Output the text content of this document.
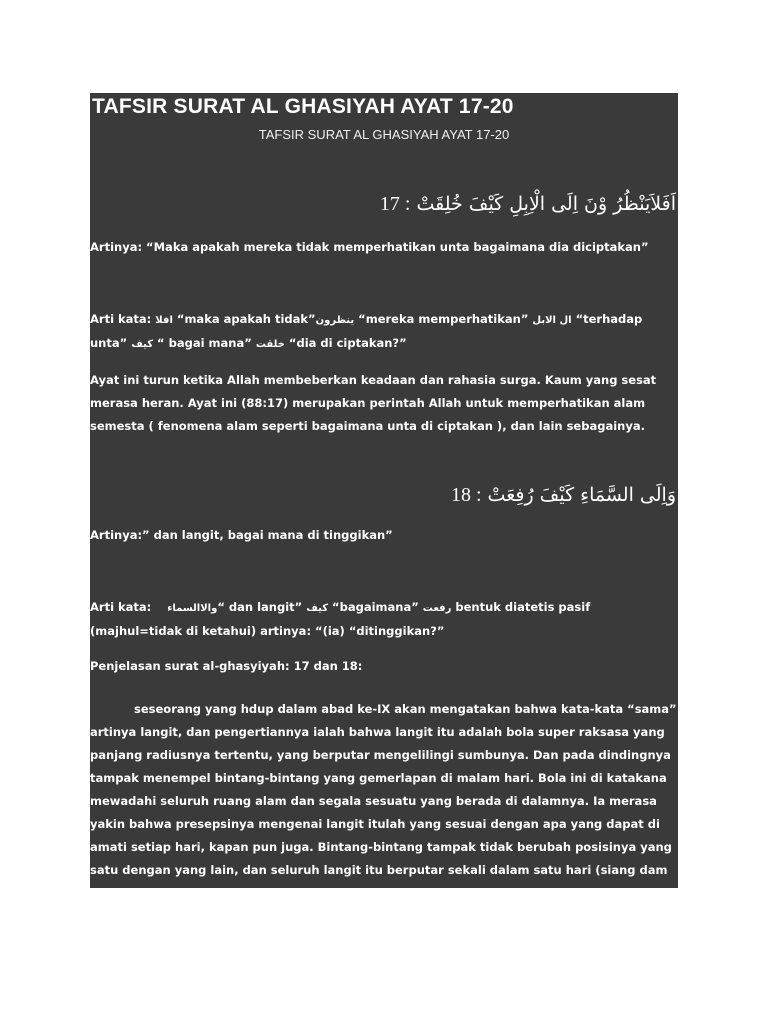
TAFSIR SURAT AL GHASIYAH AYAT 17-20
TAFSIR SURAT AL GHASIYAH AYAT 17-20
اَفَلاَيَنْظُرُ وْنَ اِلَى الْاِبِلِ كَيْفَ خُلِقَتْ : 17

Artinya: “Maka apakah mereka tidak memperhatikan unta bagaimana dia diciptakan”

Arti kata: افلا “maka apakah tidak”ينظرون “mereka memperhatikan” ال الابل “terhadap unta” كيف “ bagai mana” خلقت “dia di ciptakan?”

Ayat ini turun ketika Allah membeberkan keadaan dan rahasia surga. Kaum yang sesat merasa heran. Ayat ini (88:17) merupakan perintah Allah untuk memperhatikan alam semesta ( fenomena alam seperti bagaimana unta di ciptakan ), dan lain sebagainya.

وَاِلَى السَّمَاءِ كَيْفَ رُفِعَتْ : 18

Artinya:” dan langit, bagai mana di tinggikan”

Arti kata: والاالسماء“ dan langit” كيف “bagaimana” رفعت bentuk diatetis pasif (majhul=tidak di ketahui) artinya: “(ia) “ditinggikan?”

Penjelasan surat al-ghasyiyah: 17 dan 18:

seseorang yang hdup dalam abad ke-IX akan mengatakan bahwa kata-kata “sama” artinya langit, dan pengertiannya ialah bahwa langit itu adalah bola super raksasa yang panjang radiusnya tertentu, yang berputar mengelilingi sumbunya. Dan pada dindingnya tampak menempel bintang-bintang yang gemerlapan di malam hari. Bola ini di katakana mewadahi seluruh ruang alam dan segala sesuatu yang berada di dalamnya. Ia merasa yakin bahwa presepsinya mengenai langit itulah yang sesuai dengan apa yang dapat di amati setiap hari, kapan pun juga. Bintang-bintang tampak tidak berubah posisinya yang satu dengan yang lain, dan seluruh langit itu berputar sekali dalam satu hari (siang dam malam).
